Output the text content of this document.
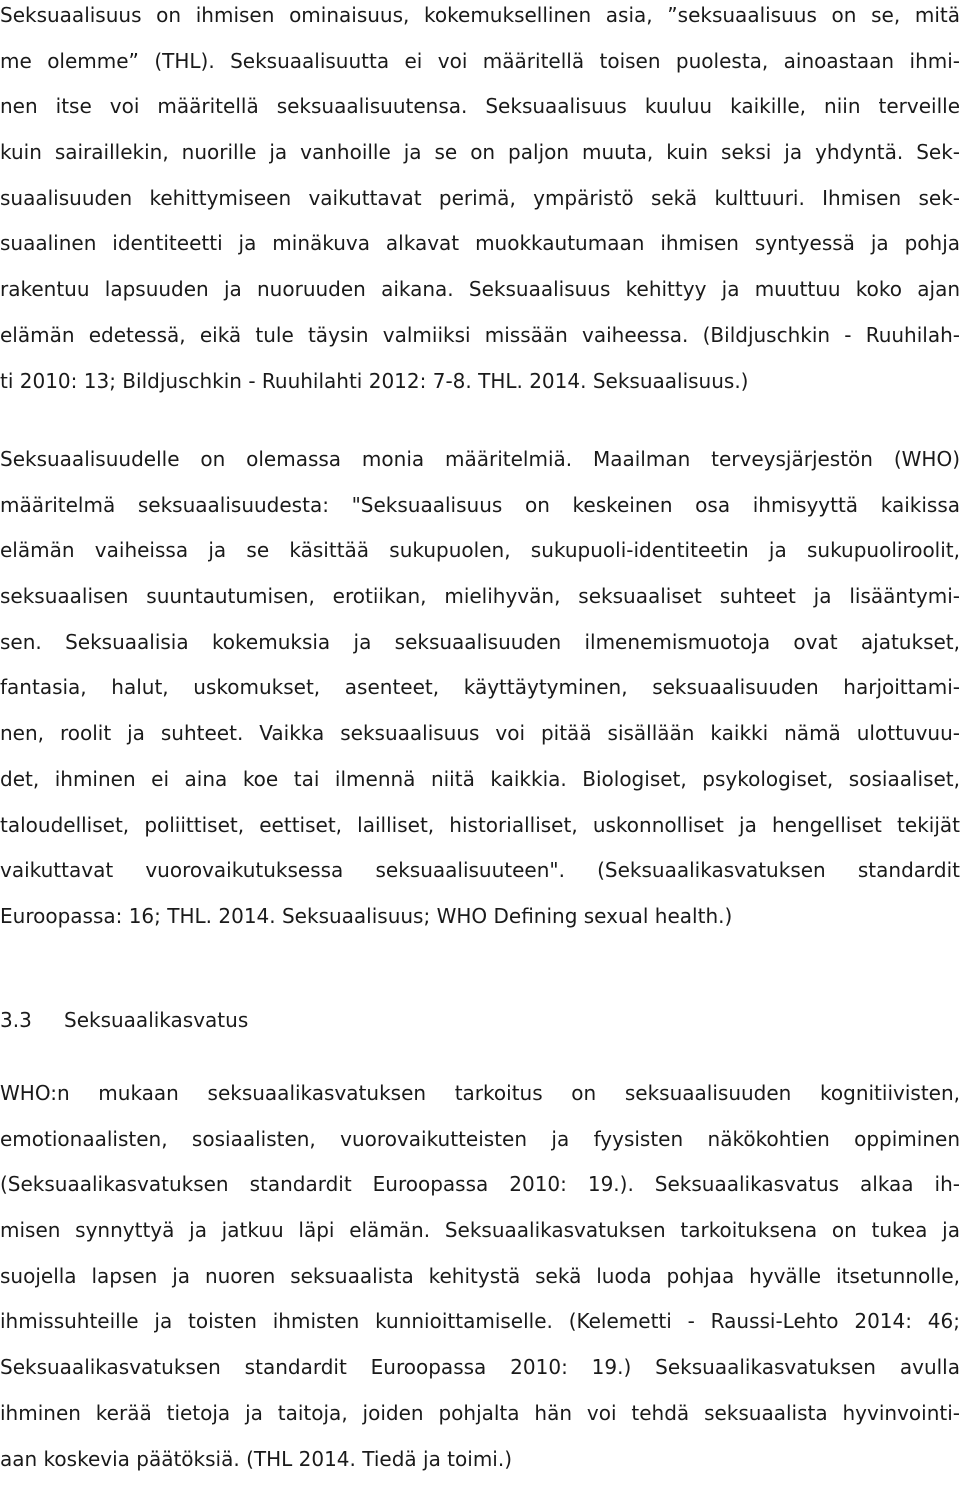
Seksuaalisuus on ihmisen ominaisuus, kokemuksellinen asia, ”seksuaalisuus on se, mitä
me olemme” (THL). Seksuaalisuutta ei voi määritellä toisen puolesta, ainoastaan ihmi-
nen itse voi määritellä seksuaalisuutensa. Seksuaalisuus kuuluu kaikille, niin terveille
kuin sairaillekin, nuorille ja vanhoille ja se on paljon muuta, kuin seksi ja yhdyntä. Sek-
suaalisuuden kehittymiseen vaikuttavat perimä, ympäristö sekä kulttuuri. Ihmisen sek-
suaalinen identiteetti ja minäkuva alkavat muokkautumaan ihmisen syntyessä ja pohja
rakentuu lapsuuden ja nuoruuden aikana. Seksuaalisuus kehittyy ja muuttuu koko ajan
elämän edetessä, eikä tule täysin valmiiksi missään vaiheessa. (Bildjuschkin - Ruuhilah-
ti 2010: 13; Bildjuschkin - Ruuhilahti 2012: 7-8. THL. 2014. Seksuaalisuus.)
Seksuaalisuudelle on olemassa monia määritelmiä. Maailman terveysjärjestön (WHO)
määritelmä seksuaalisuudesta: "Seksuaalisuus on keskeinen osa ihmisyyttä kaikissa
elämän vaiheissa ja se käsittää sukupuolen, sukupuoli-identiteetin ja sukupuoliroolit,
seksuaalisen suuntautumisen, erotiikan, mielihyvän, seksuaaliset suhteet ja lisääntymi-
sen. Seksuaalisia kokemuksia ja seksuaalisuuden ilmenemismuotoja ovat ajatukset,
fantasia, halut, uskomukset, asenteet, käyttäytyminen, seksuaalisuuden harjoittami-
nen, roolit ja suhteet. Vaikka seksuaalisuus voi pitää sisällään kaikki nämä ulottuvuu-
det, ihminen ei aina koe tai ilmennä niitä kaikkia. Biologiset, psykologiset, sosiaaliset,
taloudelliset, poliittiset, eettiset, lailliset, historialliset, uskonnolliset ja hengelliset tekijät
vaikuttavat vuorovaikutuksessa seksuaalisuuteen". (Seksuaalikasvatuksen standardit
Euroopassa: 16; THL. 2014. Seksuaalisuus; WHO Defining sexual health.)
3.3 Seksuaalikasvatus
WHO:n mukaan seksuaalikasvatuksen tarkoitus on seksuaalisuuden kognitiivisten,
emotionaalisten, sosiaalisten, vuorovaikutteisten ja fyysisten näkökohtien oppiminen
(Seksuaalikasvatuksen standardit Euroopassa 2010: 19.). Seksuaalikasvatus alkaa ih-
misen synnyttyä ja jatkuu läpi elämän. Seksuaalikasvatuksen tarkoituksena on tukea ja
suojella lapsen ja nuoren seksuaalista kehitystä sekä luoda pohjaa hyvälle itsetunnolle,
ihmissuhteille ja toisten ihmisten kunnioittamiselle. (Kelemetti - Raussi-Lehto 2014: 46;
Seksuaalikasvatuksen standardit Euroopassa 2010: 19.) Seksuaalikasvatuksen avulla
ihminen kerää tietoja ja taitoja, joiden pohjalta hän voi tehdä seksuaalista hyvinvointi-
aan koskevia päätöksiä. (THL 2014. Tiedä ja toimi.)
